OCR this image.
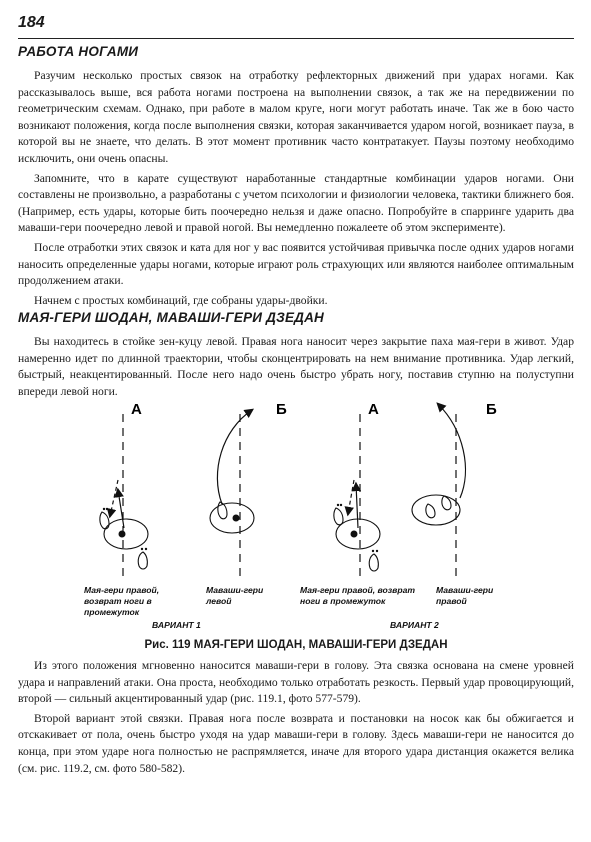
184
РАБОТА НОГАМИ

Разучим несколько простых связок на отработку рефлекторных движений при ударах ногами. Как рассказывалось выше, вся работа ногами построена на выполнении связок, а так же на передвижении по геометрическим схемам. Однако, при работе в малом круге, ноги могут работать иначе. Так же в бою часто возникают положения, когда после выполнения связки, которая заканчивается ударом ногой, возникает пауза, в которой вы не знаете, что делать. В этот момент противник часто контратакует. Паузы поэтому необходимо исключить, они очень опасны.

Запомните, что в карате существуют наработанные стандартные комбинации ударов ногами. Они составлены не произвольно, а разработаны с учетом психологии и физиологии человека, тактики ближнего боя. (Например, есть удары, которые бить поочередно нельзя и даже опасно. Попробуйте в спарринге ударить два маваши-гери поочередно левой и правой ногой. Вы немедленно пожалеете об этом эксперименте).

После отработки этих связок и ката для ног у вас появится устойчивая привычка после одних ударов ногами наносить определенные удары ногами, которые играют роль страхующих или являются наиболее оптимальным продолжением атаки.

Начнем с простых комбинаций, где собраны удары-двойки.

МАЯ-ГЕРИ ШОДАН, МАВАШИ-ГЕРИ ДЗЕДАН

Вы находитесь в стойке зен-куцу левой. Правая нога наносит через закрытие паха мая-гери в живот. Удар намеренно идет по длинной траектории, чтобы сконцентрировать на нем внимание противника. Удар легкий, быстрый, неакцентированный. После него надо очень быстро убрать ногу, поставив ступню на полуступни впереди левой ноги.

А	Б	А	Б
Мая-гери правой,
возврат ноги в
промежуток
Маваши-гери
левой
Мая-гери правой, возврат
ноги в промежуток
Маваши-гери
правой
ВАРИАНТ 1	ВАРИАНТ 2
Рис. 119 МАЯ-ГЕРИ ШОДАН, МАВАШИ-ГЕРИ ДЗЕДАН

Из этого положения мгновенно наносится маваши-гери в голову. Эта связка основана на смене уровней удара и направлений атаки. Она проста, необходимо только отработать резкость. Первый удар провоцирующий, второй — сильный акцентированный удар (рис. 119.1, фото 577-579).

Второй вариант этой связки. Правая нога после возврата и постановки на носок как бы обжигается и отскакивает от пола, очень быстро уходя на удар маваши-гери в голову. Здесь маваши-гери не наносится до конца, при этом ударе нога полностью не распрямляется, иначе для второго удара дистанция окажется велика (см. рис. 119.2, см. фото 580-582).
